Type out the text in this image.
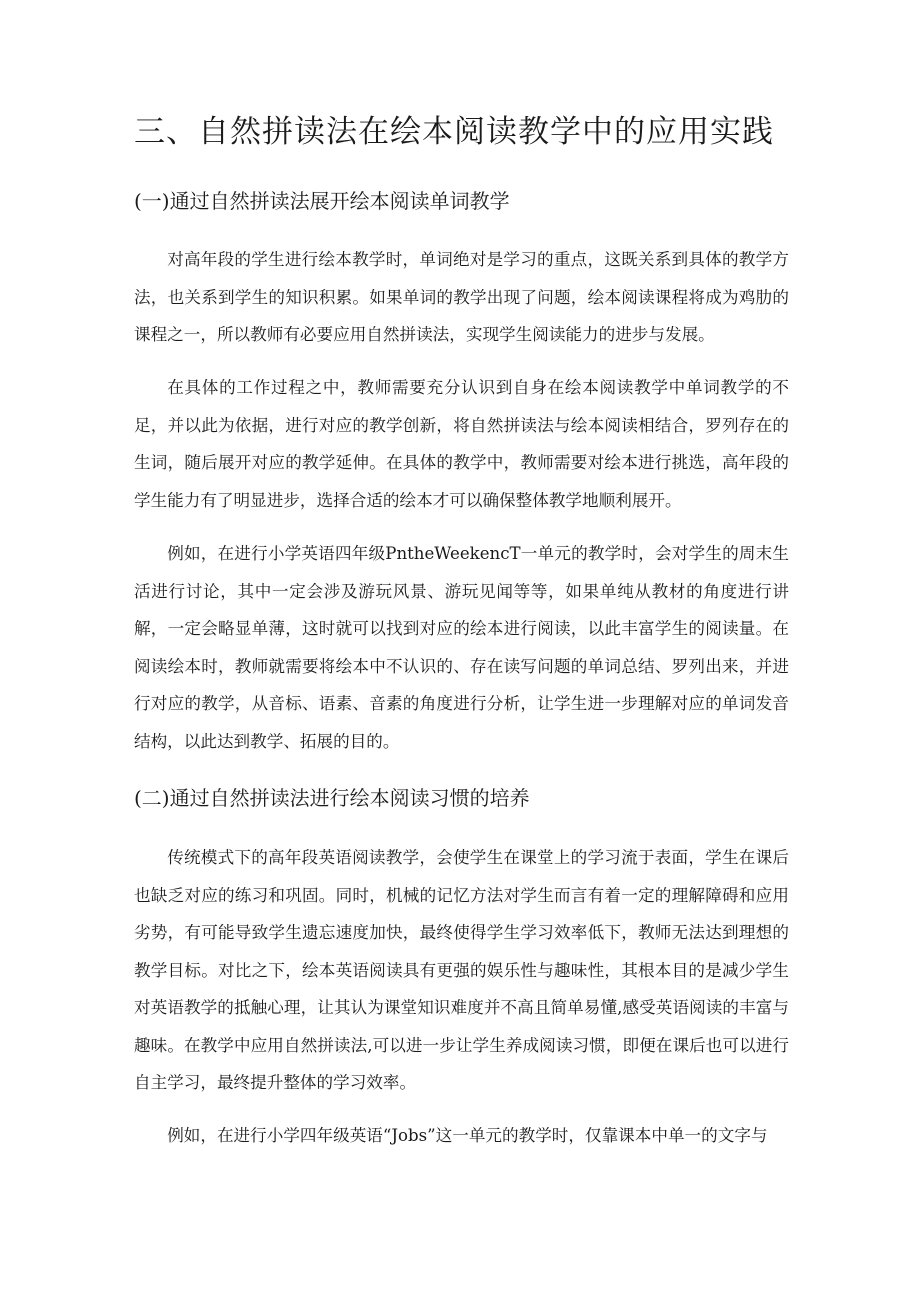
三、自然拼读法在绘本阅读教学中的应用实践
(一)通过自然拼读法展开绘本阅读单词教学

对高年段的学生进行绘本教学时，单词绝对是学习的重点，这既关系到具体的教学方法，也关系到学生的知识积累。如果单词的教学出现了问题，绘本阅读课程将成为鸡肋的课程之一，所以教师有必要应用自然拼读法，实现学生阅读能力的进步与发展。

在具体的工作过程之中，教师需要充分认识到自身在绘本阅读教学中单词教学的不足，并以此为依据，进行对应的教学创新，将自然拼读法与绘本阅读相结合，罗列存在的生词，随后展开对应的教学延伸。在具体的教学中，教师需要对绘本进行挑选，高年段的学生能力有了明显进步，选择合适的绘本才可以确保整体教学地顺利展开。

例如，在进行小学英语四年级PntheWeekencT一单元的教学时，会对学生的周末生活进行讨论，其中一定会涉及游玩风景、游玩见闻等等，如果单纯从教材的角度进行讲解，一定会略显单薄，这时就可以找到对应的绘本进行阅读，以此丰富学生的阅读量。在阅读绘本时，教师就需要将绘本中不认识的、存在读写问题的单词总结、罗列出来，并进行对应的教学，从音标、语素、音素的角度进行分析，让学生进一步理解对应的单词发音结构，以此达到教学、拓展的目的。

(二)通过自然拼读法进行绘本阅读习惯的培养

传统模式下的高年段英语阅读教学，会使学生在课堂上的学习流于表面，学生在课后也缺乏对应的练习和巩固。同时，机械的记忆方法对学生而言有着一定的理解障碍和应用劣势，有可能导致学生遗忘速度加快，最终使得学生学习效率低下，教师无法达到理想的教学目标。对比之下，绘本英语阅读具有更强的娱乐性与趣味性，其根本目的是减少学生对英语教学的抵触心理，让其认为课堂知识难度并不高且简单易懂,感受英语阅读的丰富与趣味。在教学中应用自然拼读法,可以进一步让学生养成阅读习惯，即便在课后也可以进行自主学习，最终提升整体的学习效率。

例如，在进行小学四年级英语“Jobs”这一单元的教学时，仅靠课本中单一的文字与
